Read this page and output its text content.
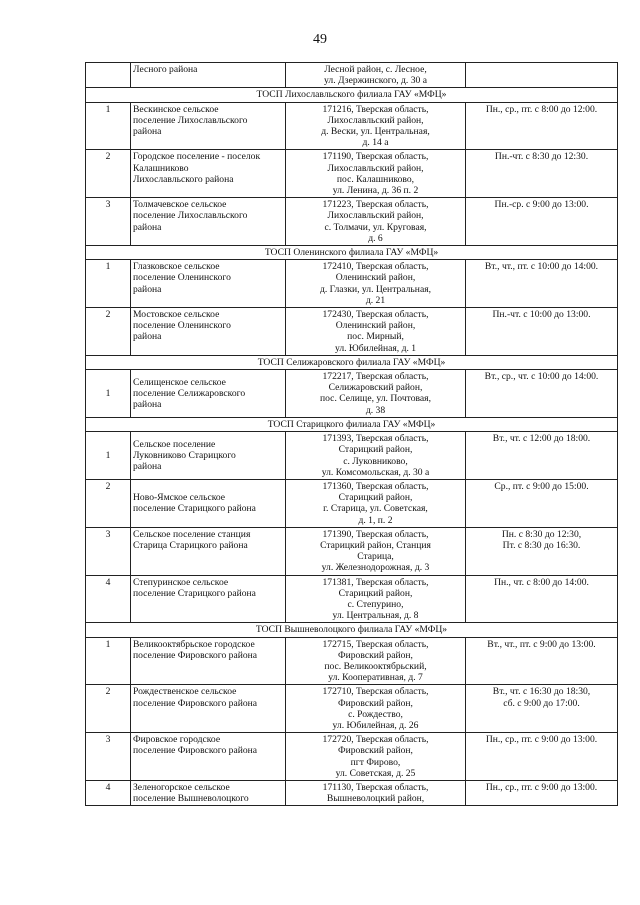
49

	Лесного района	Лесной район, с. Лесное,
ул. Дзержинского, д. 30 а	

ТОСП Лихославльского филиала ГАУ «МФЦ»			
1	Вескинское сельское
поселение Лихославльского
района	171216, Тверская область,
Лихославльский район,
д. Вески, ул. Центральная,
д. 14 а	Пн., ср., пт. с 8:00 до 12:00.

2	Городское поселение - поселок
Калашниково
Лихославльского района	171190, Тверская область,
Лихославльский район,
пос. Калашниково,
ул. Ленина, д. 36 п. 2	Пн.-чт. с 8:30 до 12:30.

3	Толмачевское сельское
поселение Лихославльского
района	171223, Тверская область,
Лихославльский район,
с. Толмачи, ул. Круговая,
д. 6	Пн.-ср. с 9:00 до 13:00.

ТОСП Оленинского филиала ГАУ «МФЦ»			
1	Глазковское сельское
поселение Оленинского
района	172410, Тверская область,
Оленинский район,
д. Глазки, ул. Центральная,
д. 21	Вт., чт., пт. с 10:00 до 14:00.

2	Мостовское сельское
поселение Оленинского
района	172430, Тверская область,
Оленинский район,
пос. Мирный,
ул. Юбилейная, д. 1	Пн.-чт. с 10:00 до 13:00.

ТОСП Селижаровского филиала ГАУ «МФЦ»			
1	Селищенское сельское
поселение Селижаровского
района	172217, Тверская область,
Селижаровский район,
пос. Селище, ул. Почтовая,
д. 38	Вт., ср., чт. с 10:00 до 14:00.

ТОСП Старицкого филиала ГАУ «МФЦ»			
1	Сельское поселение
Луковниково Старицкого
района	171393, Тверская область,
Старицкий район,
с. Луковниково,
ул. Комсомольская, д. 30 а	Вт., чт. с 12:00 до 18:00.

2	Ново-Ямское сельское
поселение Старицкого района	171360, Тверская область,
Старицкий район,
г. Старица, ул. Советская,
д. 1, п. 2	Ср., пт. с 9:00 до 15:00.

3	Сельское поселение станция
Старица Старицкого района	171390, Тверская область,
Старицкий район, Станция
Старица,
ул. Железнодорожная, д. 3	Пн. с 8:30 до 12:30,
Пт. с 8:30 до 16:30.

4	Степуринское сельское
поселение Старицкого района	171381, Тверская область,
Старицкий район,
с. Степурино,
ул. Центральная, д. 8	Пн., чт. с 8:00 до 14:00.

ТОСП Вышневолоцкого филиала ГАУ «МФЦ»			
1	Великооктябрьское городское
поселение Фировского района	172715, Тверская область,
Фировский район,
пос. Великооктябрьский,
ул. Кооперативная, д. 7	Вт., чт., пт. с 9:00 до 13:00.

2	Рождественское сельское
поселение Фировского района	172710, Тверская область,
Фировский район,
с. Рождество,
ул. Юбилейная, д. 26	Вт., чт. с 16:30 до 18:30,
сб. с 9:00 до 17:00.

3	Фировское городское
поселение Фировского района	172720, Тверская область,
Фировский район,
пгт Фирово,
ул. Советская, д. 25	Пн., ср., пт. с 9:00 до 13:00.

4	Зеленогорское сельское
поселение Вышневолоцкого	171130, Тверская область,
Вышневолоцкий район,	Пн., ср., пт. с 9:00 до 13:00.
